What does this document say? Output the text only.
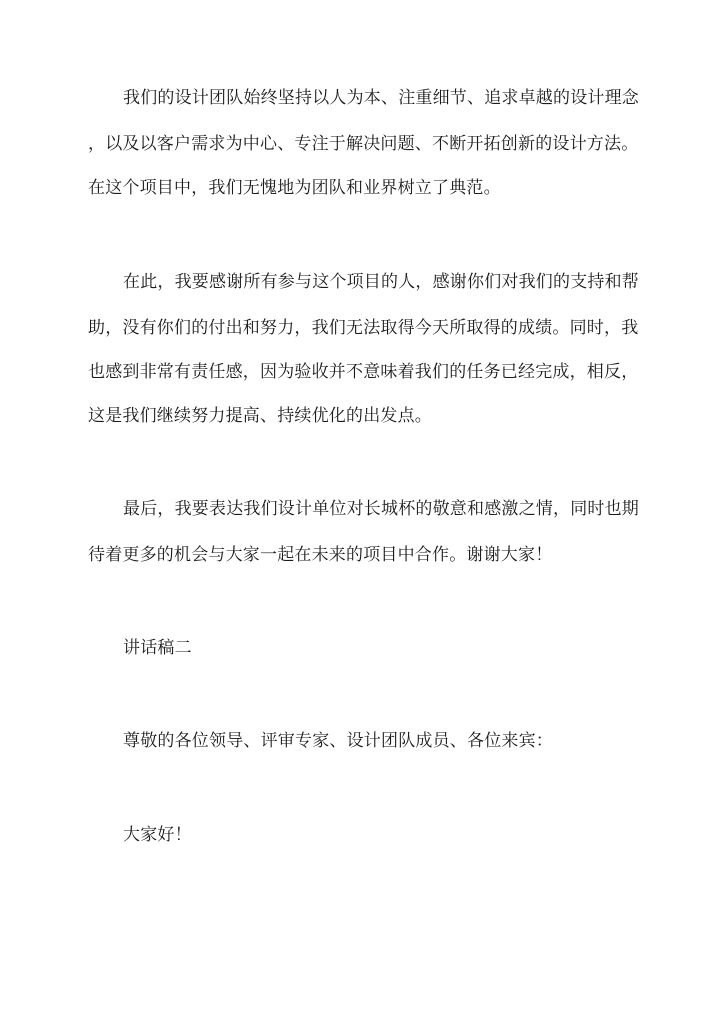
我们的设计团队始终坚持以人为本、注重细节、追求卓越的设计理念
，以及以客户需求为中心、专注于解决问题、不断开拓创新的设计方法。
在这个项目中，我们无愧地为团队和业界树立了典范。
在此，我要感谢所有参与这个项目的人，感谢你们对我们的支持和帮
助，没有你们的付出和努力，我们无法取得今天所取得的成绩。同时，我
也感到非常有责任感，因为验收并不意味着我们的任务已经完成，相反，
这是我们继续努力提高、持续优化的出发点。
最后，我要表达我们设计单位对长城杯的敬意和感激之情，同时也期
待着更多的机会与大家一起在未来的项目中合作。谢谢大家！
讲话稿二
尊敬的各位领导、评审专家、设计团队成员、各位来宾：
大家好！
